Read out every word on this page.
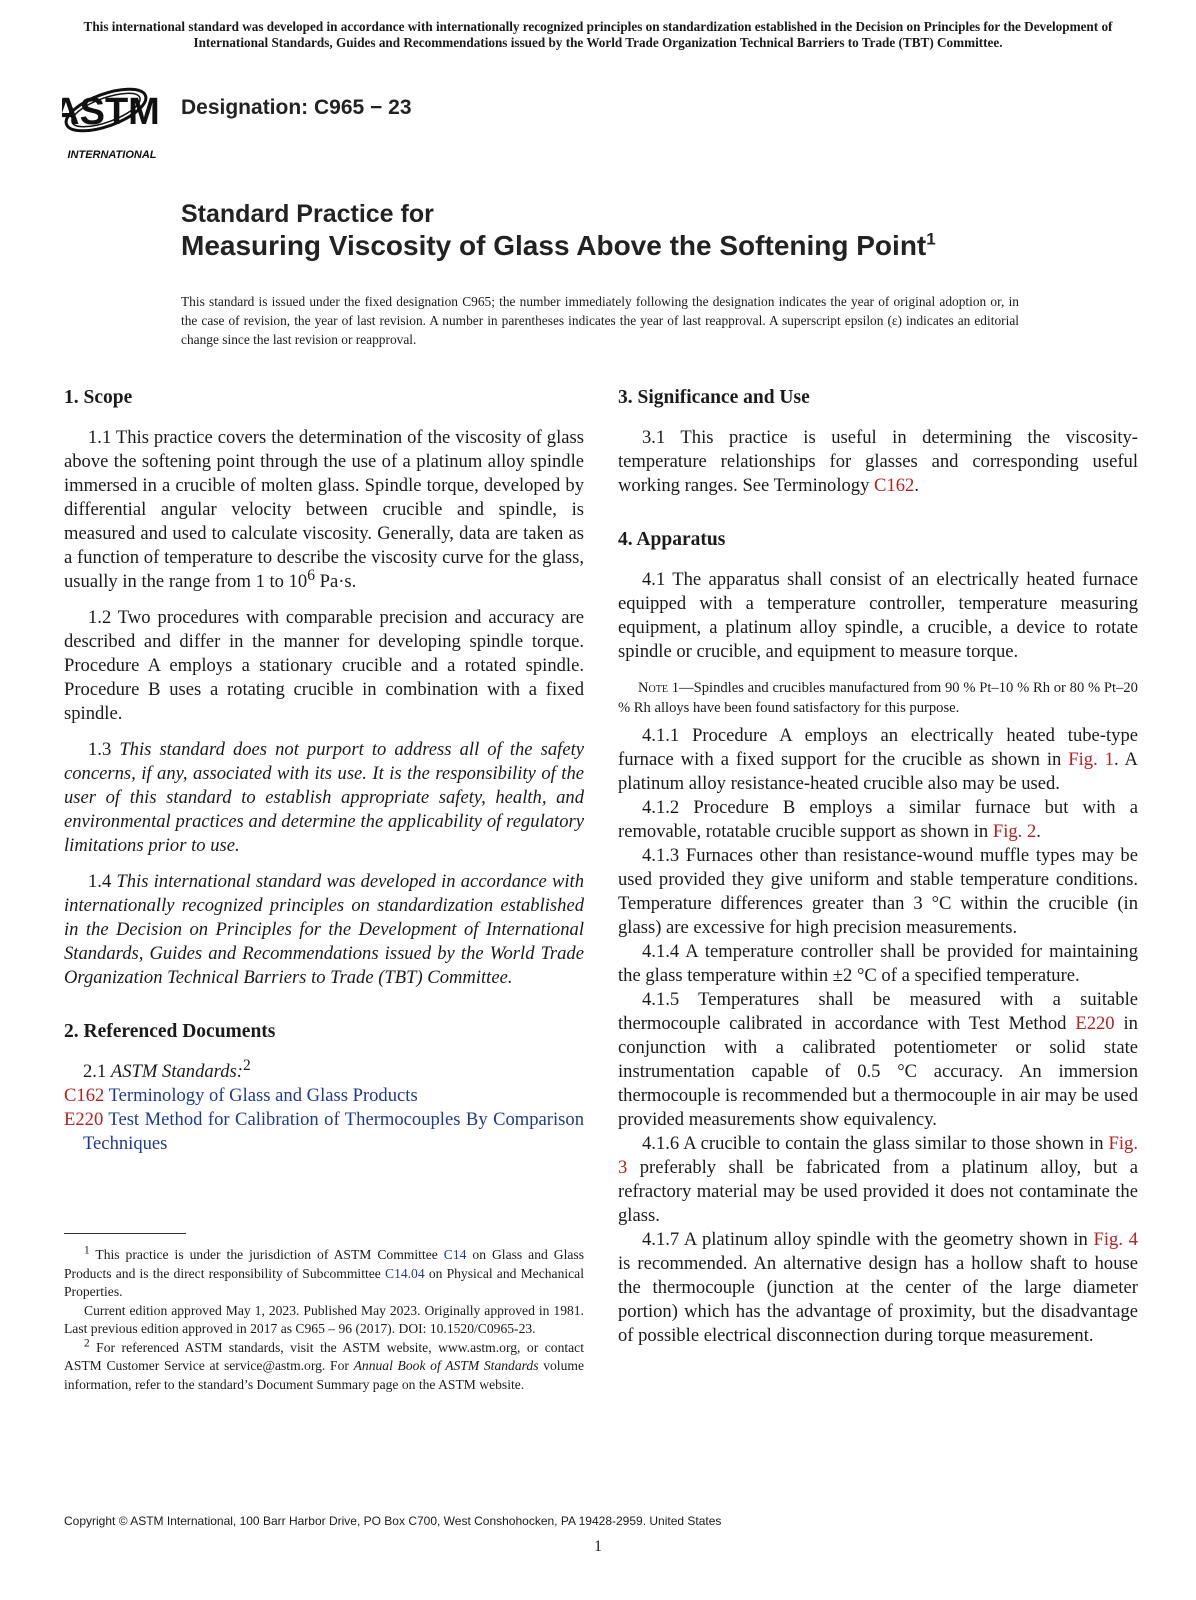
This international standard was developed in accordance with internationally recognized principles on standardization established in the Decision on Principles for the Development of International Standards, Guides and Recommendations issued by the World Trade Organization Technical Barriers to Trade (TBT) Committee.
ASTM
INTERNATIONAL
Designation: C965 − 23
Standard Practice for
Measuring Viscosity of Glass Above the Softening Point$^1$
This standard is issued under the fixed designation C965; the number immediately following the designation indicates the year of original adoption or, in the case of revision, the year of last revision. A number in parentheses indicates the year of last reapproval. A superscript epsilon (ε) indicates an editorial change since the last revision or reapproval.
1. Scope

1.1 This practice covers the determination of the viscosity of glass above the softening point through the use of a platinum alloy spindle immersed in a crucible of molten glass. Spindle torque, developed by differential angular velocity between crucible and spindle, is measured and used to calculate viscosity. Generally, data are taken as a function of temperature to describe the viscosity curve for the glass, usually in the range from 1 to $10^6$ Pa·s.

1.2 Two procedures with comparable precision and accuracy are described and differ in the manner for developing spindle torque. Procedure A employs a stationary crucible and a rotated spindle. Procedure B uses a rotating crucible in combination with a fixed spindle.

1.3 This standard does not purport to address all of the safety concerns, if any, associated with its use. It is the responsibility of the user of this standard to establish appropriate safety, health, and environmental practices and determine the applicability of regulatory limitations prior to use.

1.4 This international standard was developed in accordance with internationally recognized principles on standardization established in the Decision on Principles for the Development of International Standards, Guides and Recommendations issued by the World Trade Organization Technical Barriers to Trade (TBT) Committee.

2. Referenced Documents

2.1 ASTM Standards:$^2$

C162 Terminology of Glass and Glass Products

E220 Test Method for Calibration of Thermocouples By Comparison Techniques

3. Significance and Use

3.1 This practice is useful in determining the viscosity-temperature relationships for glasses and corresponding useful working ranges. See Terminology C162.

4. Apparatus

4.1 The apparatus shall consist of an electrically heated furnace equipped with a temperature controller, temperature measuring equipment, a platinum alloy spindle, a crucible, a device to rotate spindle or crucible, and equipment to measure torque.

Note 1—Spindles and crucibles manufactured from 90 % Pt–10 % Rh or 80 % Pt–20 % Rh alloys have been found satisfactory for this purpose.

4.1.1 Procedure A employs an electrically heated tube-type furnace with a fixed support for the crucible as shown in Fig. 1. A platinum alloy resistance-heated crucible also may be used.

4.1.2 Procedure B employs a similar furnace but with a removable, rotatable crucible support as shown in Fig. 2.

4.1.3 Furnaces other than resistance-wound muffle types may be used provided they give uniform and stable temperature conditions. Temperature differences greater than 3 °C within the crucible (in glass) are excessive for high precision measurements.

4.1.4 A temperature controller shall be provided for maintaining the glass temperature within ±2 °C of a specified temperature.

4.1.5 Temperatures shall be measured with a suitable thermocouple calibrated in accordance with Test Method E220 in conjunction with a calibrated potentiometer or solid state instrumentation capable of 0.5 °C accuracy. An immersion thermocouple is recommended but a thermocouple in air may be used provided measurements show equivalency.

4.1.6 A crucible to contain the glass similar to those shown in Fig. 3 preferably shall be fabricated from a platinum alloy, but a refractory material may be used provided it does not contaminate the glass.

4.1.7 A platinum alloy spindle with the geometry shown in Fig. 4 is recommended. An alternative design has a hollow shaft to house the thermocouple (junction at the center of the large diameter portion) which has the advantage of proximity, but the disadvantage of possible electrical disconnection during torque measurement.

$^1$ This practice is under the jurisdiction of ASTM Committee C14 on Glass and Glass Products and is the direct responsibility of Subcommittee C14.04 on Physical and Mechanical Properties.

Current edition approved May 1, 2023. Published May 2023. Originally approved in 1981. Last previous edition approved in 2017 as C965 – 96 (2017). DOI: 10.1520/C0965-23.

$^2$ For referenced ASTM standards, visit the ASTM website, www.astm.org, or contact ASTM Customer Service at service@astm.org. For Annual Book of ASTM Standards volume information, refer to the standard’s Document Summary page on the ASTM website.

Copyright © ASTM International, 100 Barr Harbor Drive, PO Box C700, West Conshohocken, PA 19428-2959. United States
1
